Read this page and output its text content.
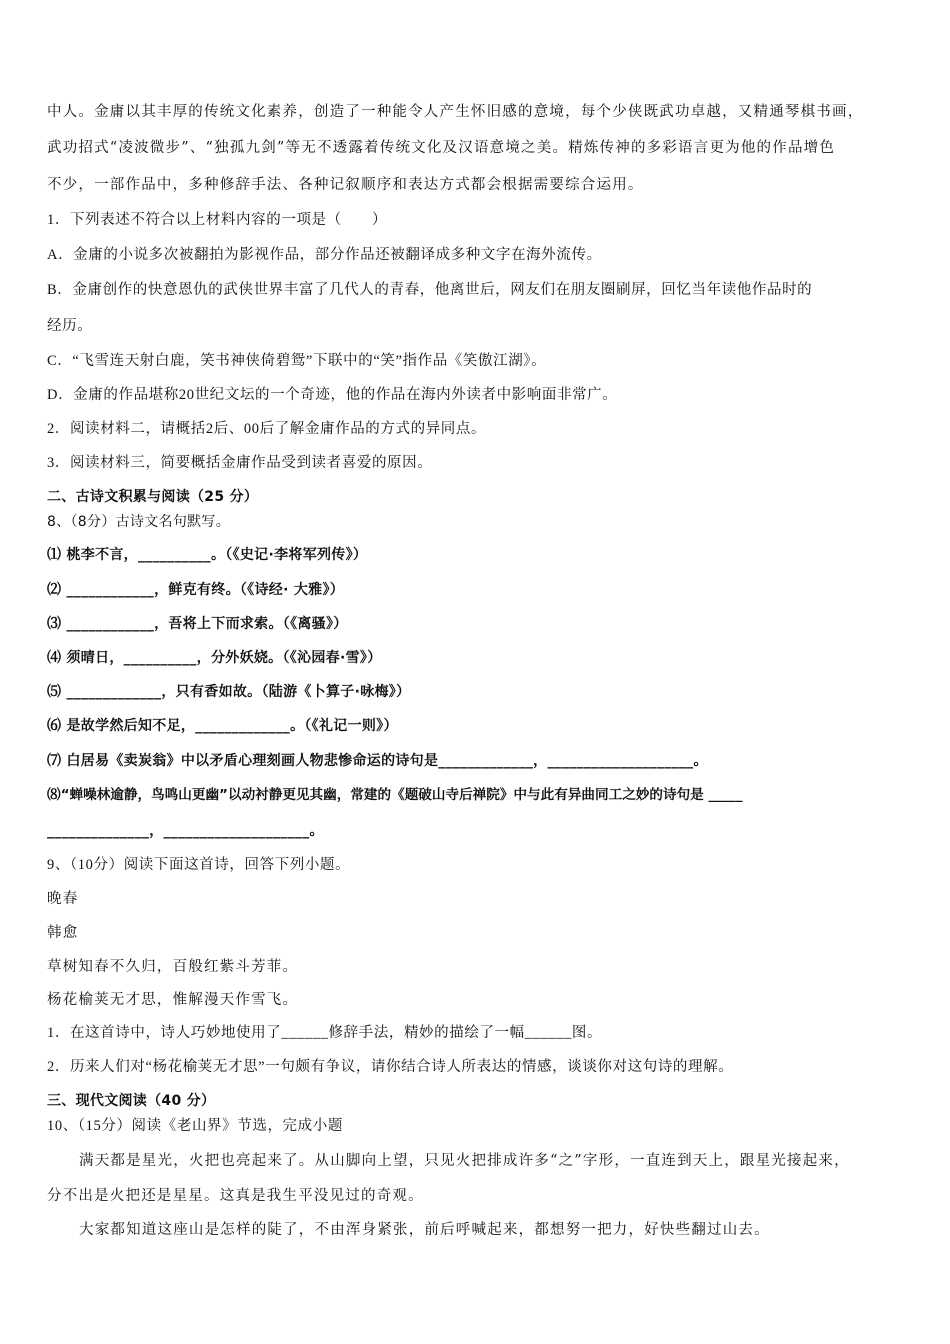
中人。金庸以其丰厚的传统文化素养，创造了一种能令人产生怀旧感的意境，每个少侠既武功卓越，又精通琴棋书画，
武功招式“凌波微步”、“独孤九剑”等无不透露着传统文化及汉语意境之美。精炼传神的多彩语言更为他的作品增色
不少，一部作品中，多种修辞手法、各种记叙顺序和表达方式都会根据需要综合运用。
1．下列表述不符合以上材料内容的一项是（　　）
A．金庸的小说多次被翻拍为影视作品，部分作品还被翻译成多种文字在海外流传。
B．金庸创作的快意恩仇的武侠世界丰富了几代人的青春，他离世后，网友们在朋友圈刷屏，回忆当年读他作品时的
经历。
C．“飞雪连天射白鹿，笑书神侠倚碧鸳”下联中的“笑”指作品《笑傲江湖》。
D．金庸的作品堪称20世纪文坛的一个奇迹，他的作品在海内外读者中影响面非常广。
2．阅读材料二，请概括2后、00后了解金庸作品的方式的异同点。
3．阅读材料三，简要概括金庸作品受到读者喜爱的原因。
二、古诗文积累与阅读（25 分）
8、（8分）古诗文名句默写。
⑴ 桃李不言，__________。（《史记·李将军列传》）
⑵ ____________，鲜克有终。（《诗经· 大雅》）
⑶ ____________，吾将上下而求索。（《离骚》）
⑷ 须晴日，__________，分外妖娆。（《沁园春·雪》）
⑸ _____________，只有香如故。（陆游《卜算子·咏梅》）
⑹ 是故学然后知不足，_____________。（《礼记一则》）
⑺ 白居易《卖炭翁》中以矛盾心理刻画人物悲惨命运的诗句是_____________，____________________。
⑻“蝉噪林逾静，鸟鸣山更幽”以动衬静更见其幽，常建的《题破山寺后禅院》中与此有异曲同工之妙的诗句是 _____
______________，____________________。
9、（10分）阅读下面这首诗，回答下列小题。
晚春
韩愈
草树知春不久归，百般红紫斗芳菲。
杨花榆荚无才思，惟解漫天作雪飞。
1．在这首诗中，诗人巧妙地使用了______修辞手法，精妙的描绘了一幅______图。
2．历来人们对“杨花榆荚无才思”一句颇有争议，请你结合诗人所表达的情感，谈谈你对这句诗的理解。
三、现代文阅读（40 分）
10、（15分）阅读《老山界》节选，完成小题
满天都是星光，火把也亮起来了。从山脚向上望，只见火把排成许多“之”字形，一直连到天上，跟星光接起来，
分不出是火把还是星星。这真是我生平没见过的奇观。
大家都知道这座山是怎样的陡了，不由浑身紧张，前后呼喊起来，都想努一把力，好快些翻过山去。
